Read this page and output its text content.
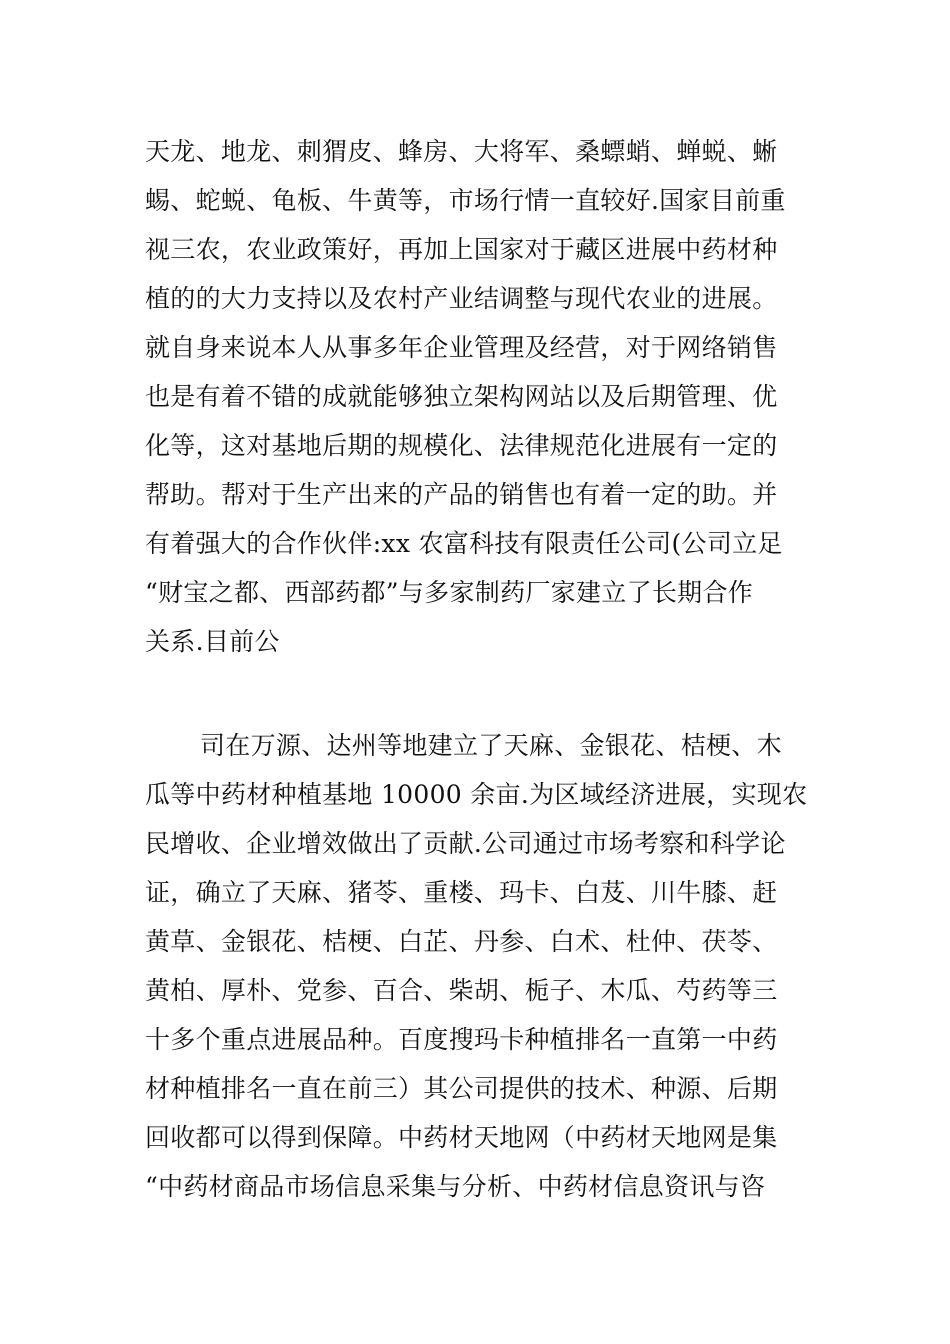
天龙、地龙、刺猬皮、蜂房、大将军、桑螵蛸、蝉蜕、蜥
蜴、蛇蜕、龟板、牛黄等，市场行情一直较好.国家目前重
视三农，农业政策好，再加上国家对于藏区进展中药材种
植的的大力支持以及农村产业结调整与现代农业的进展。
就自身来说本人从事多年企业管理及经营，对于网络销售
也是有着不错的成就能够独立架构网站以及后期管理、优
化等，这对基地后期的规模化、法律规范化进展有一定的
帮助。帮对于生产出来的产品的销售也有着一定的助。并
有着强大的合作伙伴:xx 农富科技有限责任公司(公司立足
“财宝之都、西部药都”与多家制药厂家建立了长期合作
关系.目前公
司在万源、达州等地建立了天麻、金银花、桔梗、木
瓜等中药材种植基地 10000 余亩.为区域经济进展，实现农
民增收、企业增效做出了贡献.公司通过市场考察和科学论
证，确立了天麻、猪苓、重楼、玛卡、白芨、川牛膝、赶
黄草、金银花、桔梗、白芷、丹参、白术、杜仲、茯苓、
黄柏、厚朴、党参、百合、柴胡、栀子、木瓜、芍药等三
十多个重点进展品种。百度搜玛卡种植排名一直第一中药
材种植排名一直在前三）其公司提供的技术、种源、后期
回收都可以得到保障。中药材天地网（中药材天地网是集
“中药材商品市场信息采集与分析、中药材信息资讯与咨
